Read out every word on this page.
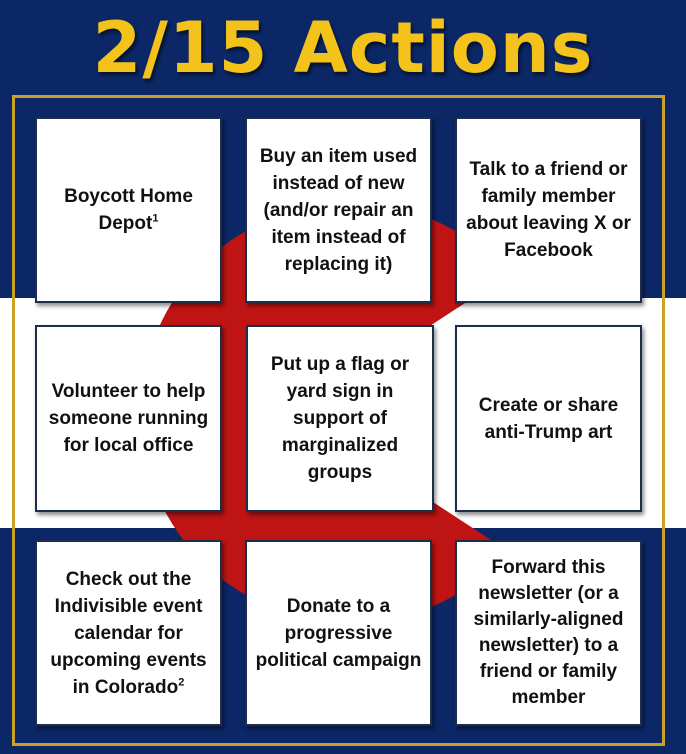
2/15 Actions
Boycott Home Depot$^1$
Buy an item used instead of new (and/or repair an item instead of replacing it)
Talk to a friend or family member about leaving X or Facebook
Volunteer to help someone running for local office
Put up a flag or yard sign in support of marginalized groups
Create or share anti-Trump art
Check out the Indivisible event calendar for upcoming events in Colorado$^2$
Donate to a progressive political campaign
Forward this newsletter (or a similarly-aligned newsletter) to a friend or family member
